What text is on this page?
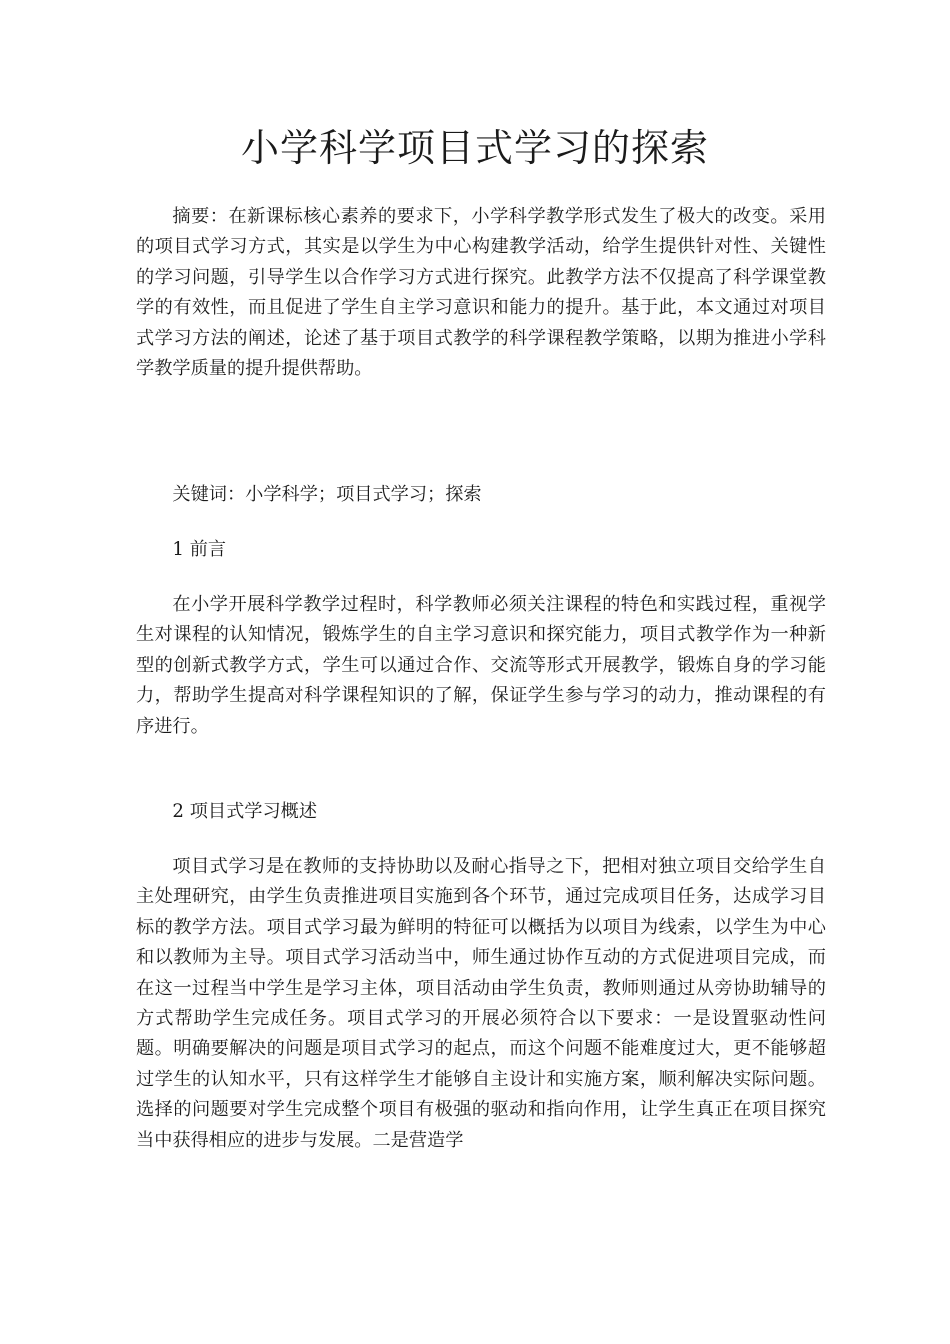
小学科学项目式学习的探索

摘要：在新课标核心素养的要求下，小学科学教学形式发生了极大的改变。采用的项目式学习方式，其实是以学生为中心构建教学活动，给学生提供针对性、关键性的学习问题，引导学生以合作学习方式进行探究。此教学方法不仅提高了科学课堂教学的有效性，而且促进了学生自主学习意识和能力的提升。基于此，本文通过对项目式学习方法的阐述，论述了基于项目式教学的科学课程教学策略，以期为推进小学科学教学质量的提升提供帮助。

关键词：小学科学；项目式学习；探索

1 前言

在小学开展科学教学过程时，科学教师必须关注课程的特色和实践过程，重视学生对课程的认知情况，锻炼学生的自主学习意识和探究能力，项目式教学作为一种新型的创新式教学方式，学生可以通过合作、交流等形式开展教学，锻炼自身的学习能力，帮助学生提高对科学课程知识的了解，保证学生参与学习的动力，推动课程的有序进行。

2 项目式学习概述

项目式学习是在教师的支持协助以及耐心指导之下，把相对独立项目交给学生自主处理研究，由学生负责推进项目实施到各个环节，通过完成项目任务，达成学习目标的教学方法。项目式学习最为鲜明的特征可以概括为以项目为线索，以学生为中心和以教师为主导。项目式学习活动当中，师生通过协作互动的方式促进项目完成，而在这一过程当中学生是学习主体，项目活动由学生负责，教师则通过从旁协助辅导的方式帮助学生完成任务。项目式学习的开展必须符合以下要求：一是设置驱动性问题。明确要解决的问题是项目式学习的起点，而这个问题不能难度过大，更不能够超过学生的认知水平，只有这样学生才能够自主设计和实施方案，顺利解决实际问题。选择的问题要对学生完成整个项目有极强的驱动和指向作用，让学生真正在项目探究当中获得相应的进步与发展。二是营造学
